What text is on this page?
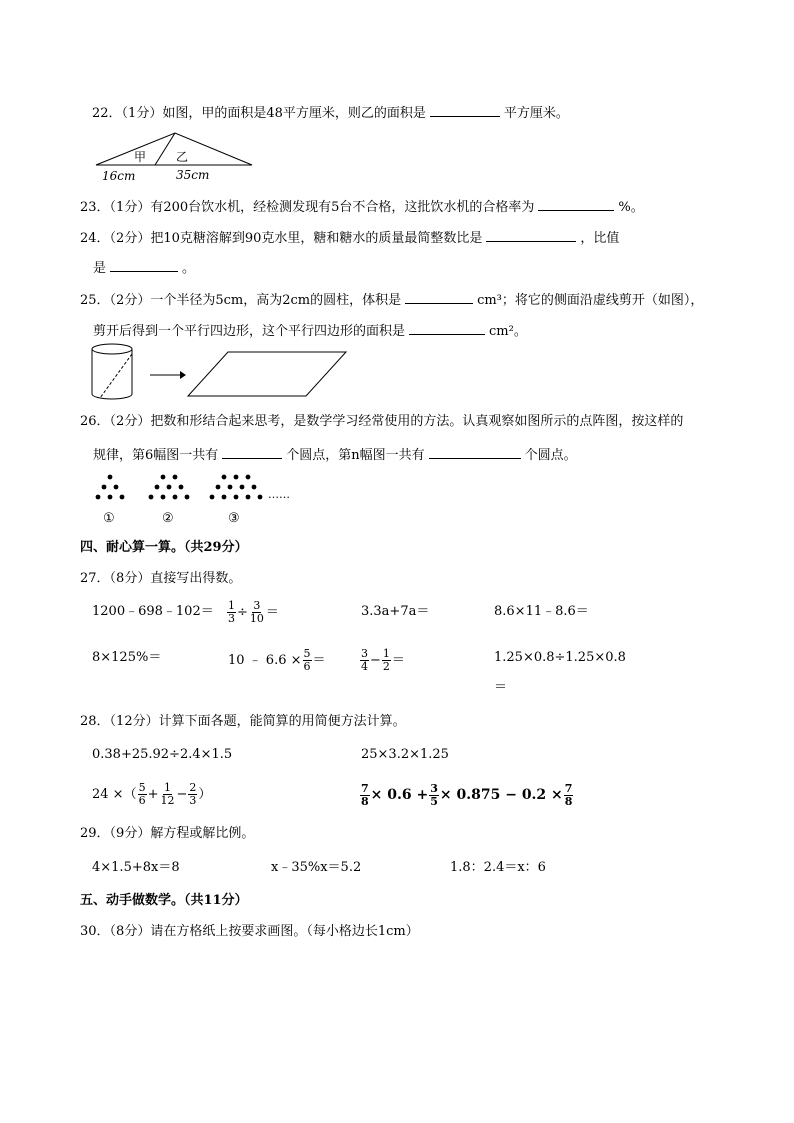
22．（1分）如图，甲的面积是48平方厘米，则乙的面积是	平方厘米。
甲 乙
16cm	35cm
23．（1分）有200台饮水机，经检测发现有5台不合格，这批饮水机的合格率为	%。
24．（2分）把10克糖溶解到90克水里，糖和糖水的质量最简整数比是	，比值
是	。
25．（2分）一个半径为5cm，高为2cm的圆柱，体积是	cm³；将它的侧面沿虚线剪开（如图），
剪开后得到一个平行四边形，这个平行四边形的面积是	cm²。
26．（2分）把数和形结合起来思考，是数学学习经常使用的方法。认真观察如图所示的点阵图，按这样的
规律，第6幅图一共有	个圆点，第n幅图一共有	个圆点。
……
①	②	③
四、耐心算一算。（共29分）
27．（8分）直接写出得数。
1200﹣698﹣102＝ $\frac{1}{3} \div \frac{3}{10}$ ＝	3.3a+7a＝	8.6×11﹣8.6＝
8×125%＝	10 ﹣ $6.6 \times \frac{5}{6}$ ＝	$\frac{3}{4} - \frac{1}{2}$ ＝	1.25×0.8÷1.25×0.8
＝
28．（12分）计算下面各题，能简算的用简便方法计算。
0.38+25.92÷2.4×1.5	25×3.2×1.25
24 ×（ $\frac{5}{6} + \frac{1}{12} - \frac{2}{3}$ ）	$\frac{7}{8} \times 0.6 + \frac{3}{5} \times 0.875 - 0.2 \times \frac{7}{8}$
29．（9分）解方程或解比例。
4×1.5+8x＝8	x﹣35%x＝5.2	1.8：2.4＝x：6
五、动手做数学。（共11分）
30．（8分）请在方格纸上按要求画图。（每小格边长1cm）
